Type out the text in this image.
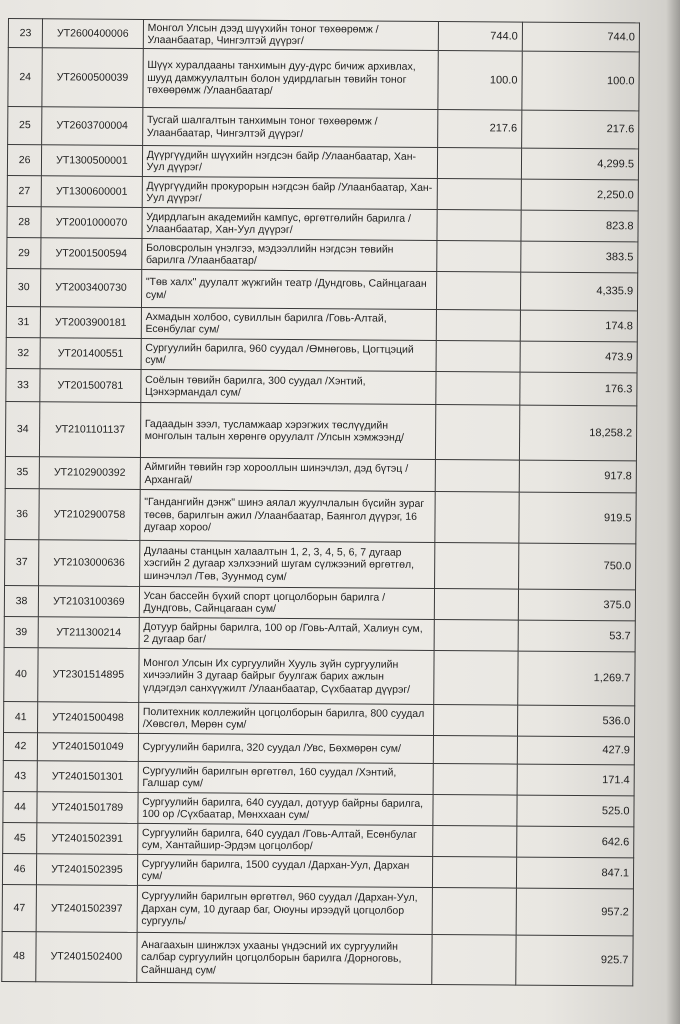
23	УТ2600400006	Монгол Улсын дээд шүүхийн тоног төхөөрөмж /Улаанбаатар, Чингэлтэй дүүрэг/	744.0	744.0
24	УТ2600500039	Шүүх хуралдааны танхимын дуу-дүрс бичиж архивлах, шууд дамжуулалтын болон удирдлагын төвийн тоног төхөөрөмж /Улаанбаатар/	100.0	100.0
25	УТ2603700004	Тусгай шалгалтын танхимын тоног төхөөрөмж /Улаанбаатар, Чингэлтэй дүүрэг/	217.6	217.6
26	УТ1300500001	Дүүргүүдийн шүүхийн нэгдсэн байр /Улаанбаатар, Хан-Уул дүүрэг/		4,299.5
27	УТ1300600001	Дүүргүүдийн прокурорын нэгдсэн байр /Улаанбаатар, Хан-Уул дүүрэг/		2,250.0
28	УТ2001000070	Удирдлагын академийн кампус, өргөтгөлийн барилга /Улаанбаатар, Хан-Уул дүүрэг/		823.8
29	УТ2001500594	Боловсролын үнэлгээ, мэдээллийн нэгдсэн төвийн барилга /Улаанбаатар/		383.5
30	УТ2003400730	"Төв халх" дуулалт жүжгийн театр /Дундговь, Сайнцагаан сум/		4,335.9
31	УТ2003900181	Ахмадын холбоо, сувиллын барилга /Говь-Алтай, Есөнбулаг сум/		174.8
32	УТ201400551	Сургуулийн барилга, 960 суудал /Өмнөговь, Цогтцэций сум/		473.9
33	УТ201500781	Соёлын төвийн барилга, 300 суудал /Хэнтий, Цэнхэрмандал сум/		176.3
34	УТ2101101137	Гадаадын зээл, тусламжаар хэрэгжих төслүүдийн монголын талын хөрөнгө оруулалт /Улсын хэмжээнд/		18,258.2
35	УТ2102900392	Аймгийн төвийн гэр хорооллын шинэчлэл, дэд бүтэц /Архангай/		917.8
36	УТ2102900758	"Гандангийн дэнж" шинэ аялал жуулчлалын бүсийн зураг төсөв, барилгын ажил /Улаанбаатар, Баянгол дүүрэг, 16 дугаар хороо/		919.5
37	УТ2103000636	Дулааны станцын халаалтын 1, 2, 3, 4, 5, 6, 7 дугаар хэсгийн 2 дугаар хэлхээний шугам сүлжээний өргөтгөл, шинэчлэл /Төв, Зуунмод сум/		750.0
38	УТ2103100369	Усан бассейн бүхий спорт цогцолборын барилга /Дундговь, Сайнцагаан сум/		375.0
39	УТ211300214	Дотуур байрны барилга, 100 ор /Говь-Алтай, Халиун сум, 2 дугаар баг/		53.7
40	УТ2301514895	Монгол Улсын Их сургуулийн Хууль зүйн сургуулийн хичээлийн 3 дугаар байрыг буулгаж барих ажлын үлдэгдэл санхүүжилт /Улаанбаатар, Сүхбаатар дүүрэг/		1,269.7
41	УТ2401500498	Политехник коллежийн цогцолборын барилга, 800 суудал /Хөвсгөл, Мөрөн сум/		536.0
42	УТ2401501049	Сургуулийн барилга, 320 суудал /Увс, Бөхмөрөн сум/		427.9
43	УТ2401501301	Сургуулийн барилгын өргөтгөл, 160 суудал /Хэнтий, Галшар сум/		171.4
44	УТ2401501789	Сургуулийн барилга, 640 суудал, дотуур байрны барилга, 100 ор /Сүхбаатар, Мөнххаан сум/		525.0
45	УТ2401502391	Сургуулийн барилга, 640 суудал /Говь-Алтай, Есөнбулаг сум, Хантайшир-Эрдэм цогцолбор/		642.6
46	УТ2401502395	Сургуулийн барилга, 1500 суудал /Дархан-Уул, Дархан сум/		847.1
47	УТ2401502397	Сургуулийн барилгын өргөтгөл, 960 суудал /Дархан-Уул, Дархан сум, 10 дугаар баг, Оюуны ирээдүй цогцолбор сургууль/		957.2
48	УТ2401502400	Анагаахын шинжлэх ухааны үндэсний их сургуулийн салбар сургуулийн цогцолборын барилга /Дорноговь, Сайншанд сум/		925.7
